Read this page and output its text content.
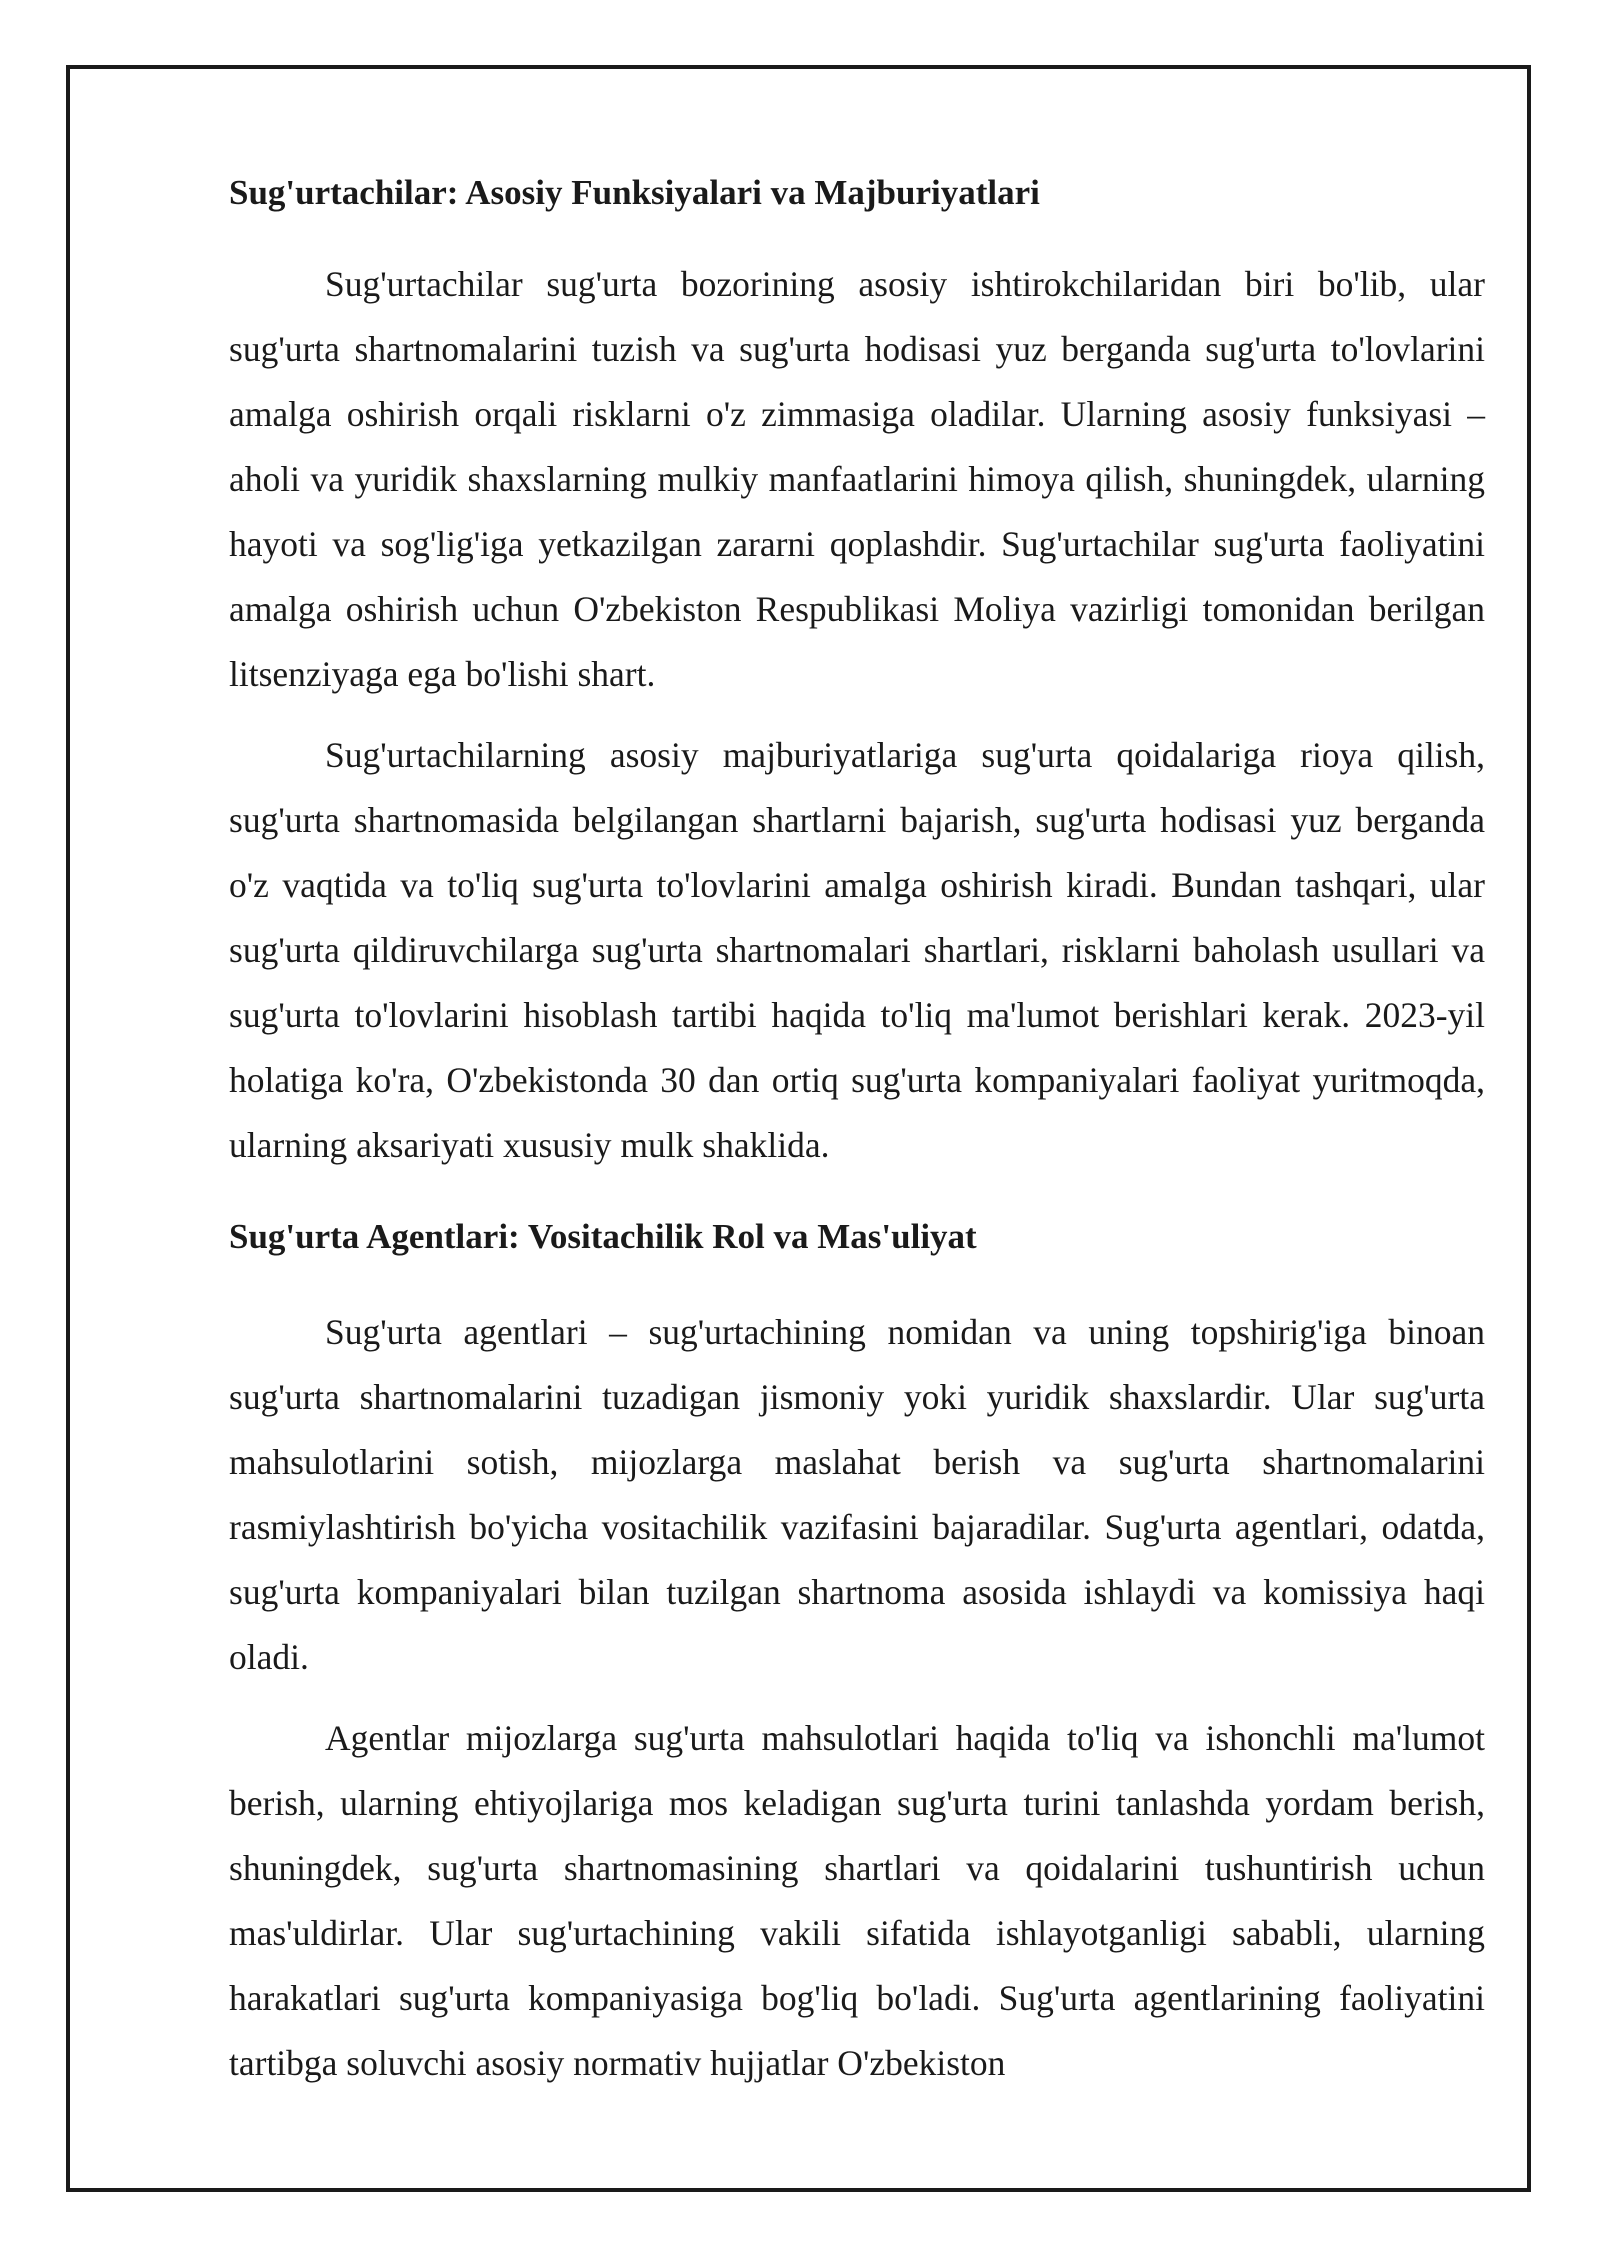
Sug'urtachilar: Asosiy Funksiyalari va Majburiyatlari

Sug'urtachilar sug'urta bozorining asosiy ishtirokchilaridan biri bo'lib, ular sug'urta shartnomalarini tuzish va sug'urta hodisasi yuz berganda sug'urta to'lovlarini amalga oshirish orqali risklarni o'z zimmasiga oladilar. Ularning asosiy funksiyasi – aholi va yuridik shaxslarning mulkiy manfaatlarini himoya qilish, shuningdek, ularning hayoti va sog'lig'iga yetkazilgan zararni qoplashdir. Sug'urtachilar sug'urta faoliyatini amalga oshirish uchun O'zbekiston Respublikasi Moliya vazirligi tomonidan berilgan litsenziyaga ega bo'lishi shart.

Sug'urtachilarning asosiy majburiyatlariga sug'urta qoidalariga rioya qilish, sug'urta shartnomasida belgilangan shartlarni bajarish, sug'urta hodisasi yuz berganda o'z vaqtida va to'liq sug'urta to'lovlarini amalga oshirish kiradi. Bundan tashqari, ular sug'urta qildiruvchilarga sug'urta shartnomalari shartlari, risklarni baholash usullari va sug'urta to'lovlarini hisoblash tartibi haqida to'liq ma'lumot berishlari kerak. 2023-yil holatiga ko'ra, O'zbekistonda 30 dan ortiq sug'urta kompaniyalari faoliyat yuritmoqda, ularning aksariyati xususiy mulk shaklida.

Sug'urta Agentlari: Vositachilik Rol va Mas'uliyat

Sug'urta agentlari – sug'urtachining nomidan va uning topshirig'iga binoan sug'urta shartnomalarini tuzadigan jismoniy yoki yuridik shaxslardir. Ular sug'urta mahsulotlarini sotish, mijozlarga maslahat berish va sug'urta shartnomalarini rasmiylashtirish bo'yicha vositachilik vazifasini bajaradilar. Sug'urta agentlari, odatda, sug'urta kompaniyalari bilan tuzilgan shartnoma asosida ishlaydi va komissiya haqi oladi.

Agentlar mijozlarga sug'urta mahsulotlari haqida to'liq va ishonchli ma'lumot berish, ularning ehtiyojlariga mos keladigan sug'urta turini tanlashda yordam berish, shuningdek, sug'urta shartnomasining shartlari va qoidalarini tushuntirish uchun mas'uldirlar. Ular sug'urtachining vakili sifatida ishlayotganligi sababli, ularning harakatlari sug'urta kompaniyasiga bog'liq bo'ladi. Sug'urta agentlarining faoliyatini tartibga soluvchi asosiy normativ hujjatlar O'zbekiston
